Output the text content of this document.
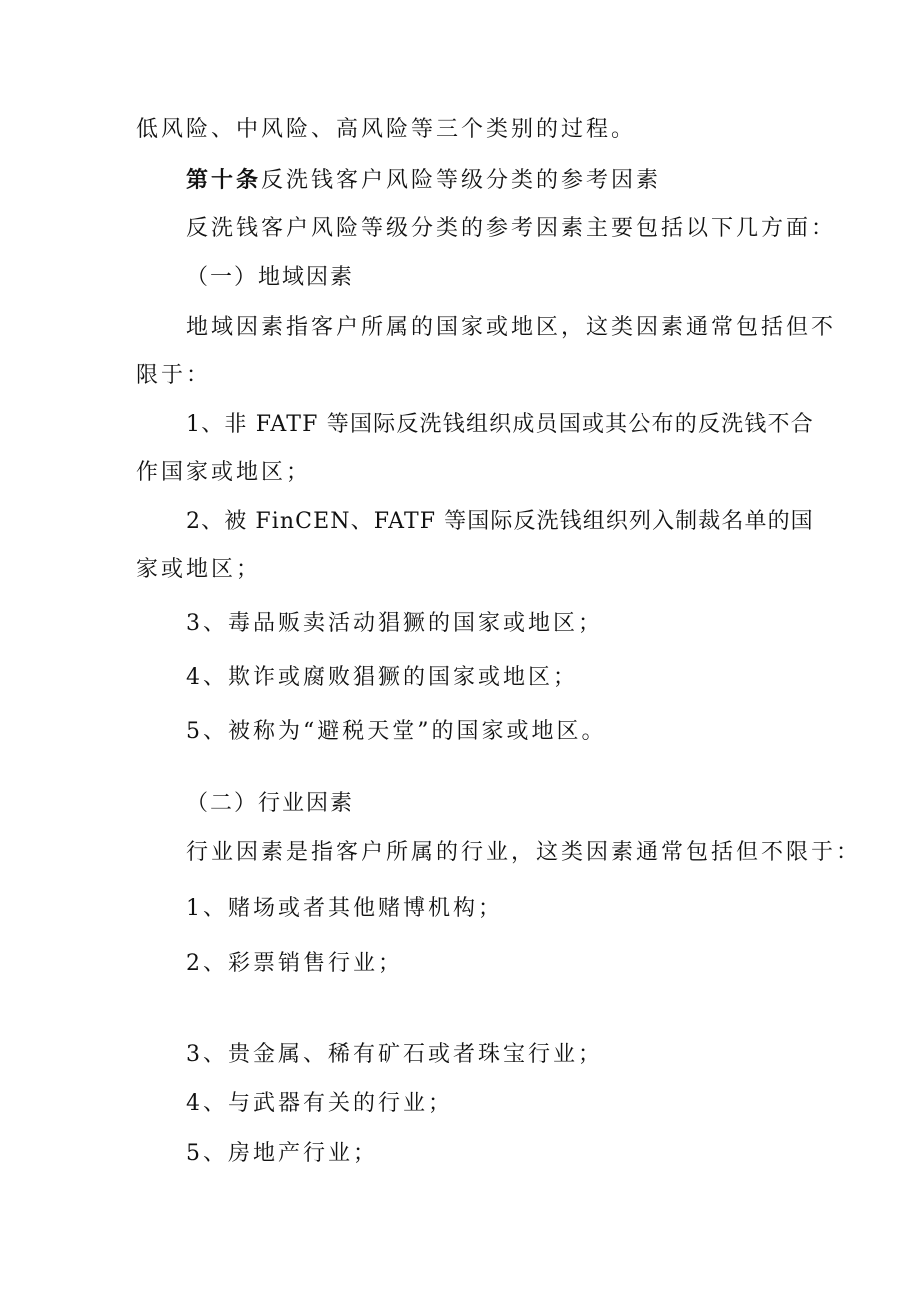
低风险、中风险、高风险等三个类别的过程。

第十条反洗钱客户风险等级分类的参考因素

反洗钱客户风险等级分类的参考因素主要包括以下几方面：

（一）地域因素

地域因素指客户所属的国家或地区，这类因素通常包括但不

限于：

1、非 FATF 等国际反洗钱组织成员国或其公布的反洗钱不合

作国家或地区；

2、被 FinCEN、FATF 等国际反洗钱组织列入制裁名单的国

家或地区；

3、毒品贩卖活动猖獗的国家或地区；

4、欺诈或腐败猖獗的国家或地区；

5、被称为“避税天堂”的国家或地区。

（二）行业因素

行业因素是指客户所属的行业，这类因素通常包括但不限于：

1、赌场或者其他赌博机构；

2、彩票销售行业；

3、贵金属、稀有矿石或者珠宝行业；

4、与武器有关的行业；

5、房地产行业；
